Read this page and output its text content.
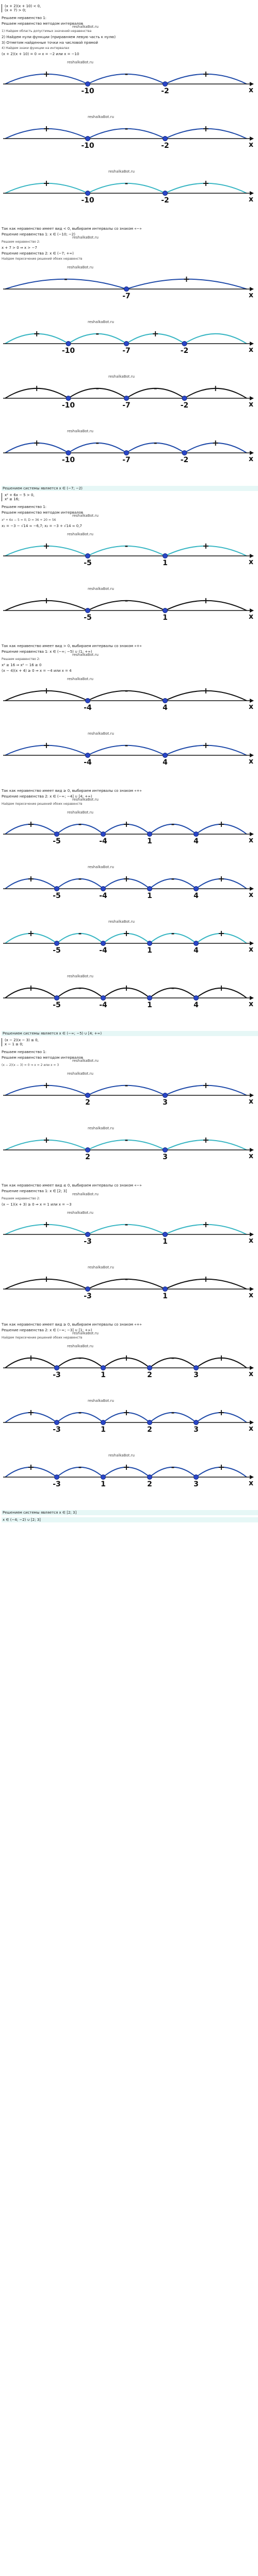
(x + 2)(x + 10) < 0,
(x + 7) > 0;
Решаем неравенство 1:
Решаем неравенство методом интервалов
reshalkaBot.ru
1) Найдем область допустимых значений неравенства
2) Найдем нули функции (приравняем левую часть к нулю)
3) Отметим найденные точки на числовой прямой
4) Найдем знаки функции на интервалах
(x + 2)(x + 10) = 0 ⇒ x = −2 или x = −10
x
-10	-2
+	-	+
reshalkaBot.ru
x
-10	-2
+	-	+
reshalkaBot.ru
x
-10	-2
+	-	+
reshalkaBot.ru
Так как неравенство имеет вид < 0, выбираем интервалы со знаком «−»
Решение неравенства 1: x ∈ (−10; −2)
reshalkaBot.ru
Решаем неравенство 2:
x + 7 > 0 ⇒ x > −7
Решение неравенства 2: x ∈ (−7; +∞)
Найдем пересечение решений обоих неравенств
x
-7
-	+
reshalkaBot.ru
x
-10	-7	-2
+	-	+
reshalkaBot.ru
x
-10	-7	-2
+	-	-	+
reshalkaBot.ru
x
-10	-7	-2
+	-	-	+
reshalkaBot.ru
Решением системы является x ∈ (−7; −2)
x² + 6x − 5 > 0,
x² ≥ 16;
Решаем неравенство 1:
Решаем неравенство методом интервалов
reshalkaBot.ru
x² + 6x − 5 = 0; D = 36 + 20 = 56
x₁ = −3 − √14 ≈ −6,7; x₂ = −3 + √14 ≈ 0,7
x
-5	1
+	-	+
reshalkaBot.ru
x
-5	1
+	-	+
reshalkaBot.ru
Так как неравенство имеет вид > 0, выбираем интервалы со знаком «+»
Решение неравенства 1: x ∈ (−∞; −5) ∪ (1; +∞)
reshalkaBot.ru
Решаем неравенство 2:
x² ≥ 16 ⇒ x² − 16 ≥ 0
(x − 4)(x + 4) ≥ 0 ⇒ x = −4 или x = 4
x
-4	4
+	-	+
reshalkaBot.ru
x
-4	4
+	-	+
reshalkaBot.ru
Так как неравенство имеет вид ≥ 0, выбираем интервалы со знаком «+»
Решение неравенства 2: x ∈ (−∞; −4] ∪ [4; +∞)
reshalkaBot.ru
Найдем пересечение решений обоих неравенств
x
-5	-4	1	4
+	-	+	-	+
reshalkaBot.ru
x
-5	-4	1	4
+	-	+	-	+
reshalkaBot.ru
x
-5	-4	1	4
+	-	+	-	+
reshalkaBot.ru
x
-5	-4	1	4
+	-	+	-	+
reshalkaBot.ru
Решением системы является x ∈ (−∞; −5) ∪ [4; +∞)
(x − 2)(x − 3) ≤ 0,
x − 1 ≥ 0;
Решаем неравенство 1:
Решаем неравенство методом интервалов
reshalkaBot.ru
(x − 2)(x − 3) = 0 ⇒ x = 2 или x = 3
x
2	3
+	-	+
reshalkaBot.ru
x
2	3
+	-	+
reshalkaBot.ru
Так как неравенство имеет вид ≤ 0, выбираем интервалы со знаком «−»
Решение неравенства 1: x ∈ [2; 3]
reshalkaBot.ru
Решаем неравенство 2:
(x − 1)(x + 3) ≥ 0 ⇒ x = 1 или x = −3
x
-3	1
+	-	+
reshalkaBot.ru
x
-3	1
+	-	+
reshalkaBot.ru
Так как неравенство имеет вид ≥ 0, выбираем интервалы со знаком «+»
Решение неравенства 2: x ∈ (−∞; −3] ∪ [1; +∞)
reshalkaBot.ru
Найдем пересечение решений обоих неравенств
x
-3	1	2	3
+	-	+	-	+
reshalkaBot.ru
x
-3	1	2	3
+	-	+	-	+
reshalkaBot.ru
x
-3	1	2	3
+	-	+	-	+
reshalkaBot.ru
Решением системы является x ∈ [2; 3]
x ∈ (−4; −2) ∪ [2; 3]
